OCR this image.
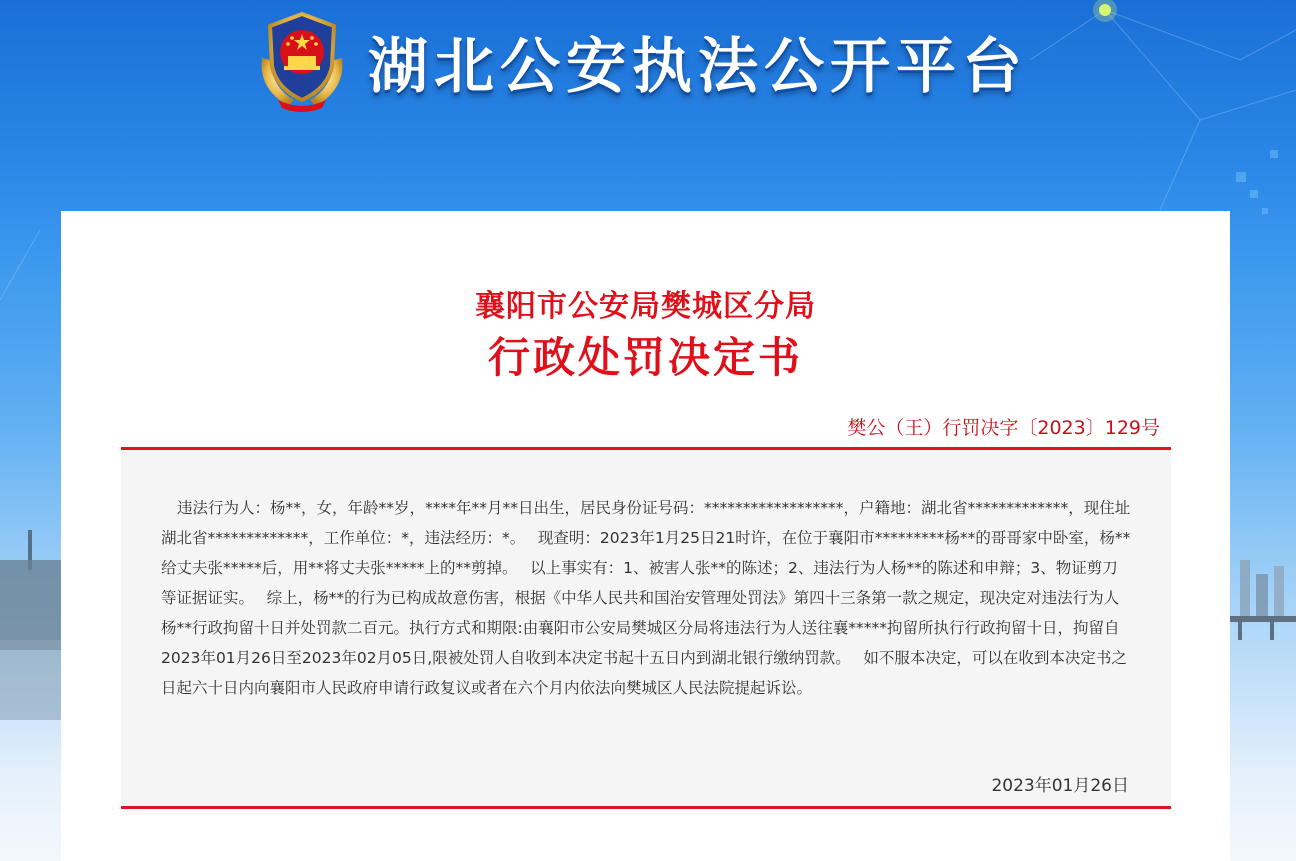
湖北公安执法公开平台
襄阳市公安局樊城区分局
行政处罚决定书
樊公（王）行罚决字〔2023〕129号
违法行为人：杨**，女，年龄**岁，****年**月**日出生，居民身份证号码：******************，户籍地：湖北省*************，现住址湖北省*************，工作单位：*，违法经历：*。　 现查明：2023年1月25日21时许，在位于襄阳市*********杨**的哥哥家中卧室，杨**给丈夫张*****后，用**将丈夫张*****上的**剪掉。　 以上事实有：1、被害人张**的陈述；2、违法行为人杨**的陈述和申辩；3、物证剪刀等证据证实。　 综上，杨**的行为已构成故意伤害，根据《中华人民共和国治安管理处罚法》第四十三条第一款之规定，现决定对违法行为人杨**行政拘留十日并处罚款二百元。执行方式和期限:由襄阳市公安局樊城区分局将违法行为人送往襄*****拘留所执行行政拘留十日，拘留自2023年01月26日至2023年02月05日,限被处罚人自收到本决定书起十五日内到湖北银行缴纳罚款。　 如不服本决定，可以在收到本决定书之日起六十日内向襄阳市人民政府申请行政复议或者在六个月内依法向樊城区人民法院提起诉讼。
2023年01月26日
